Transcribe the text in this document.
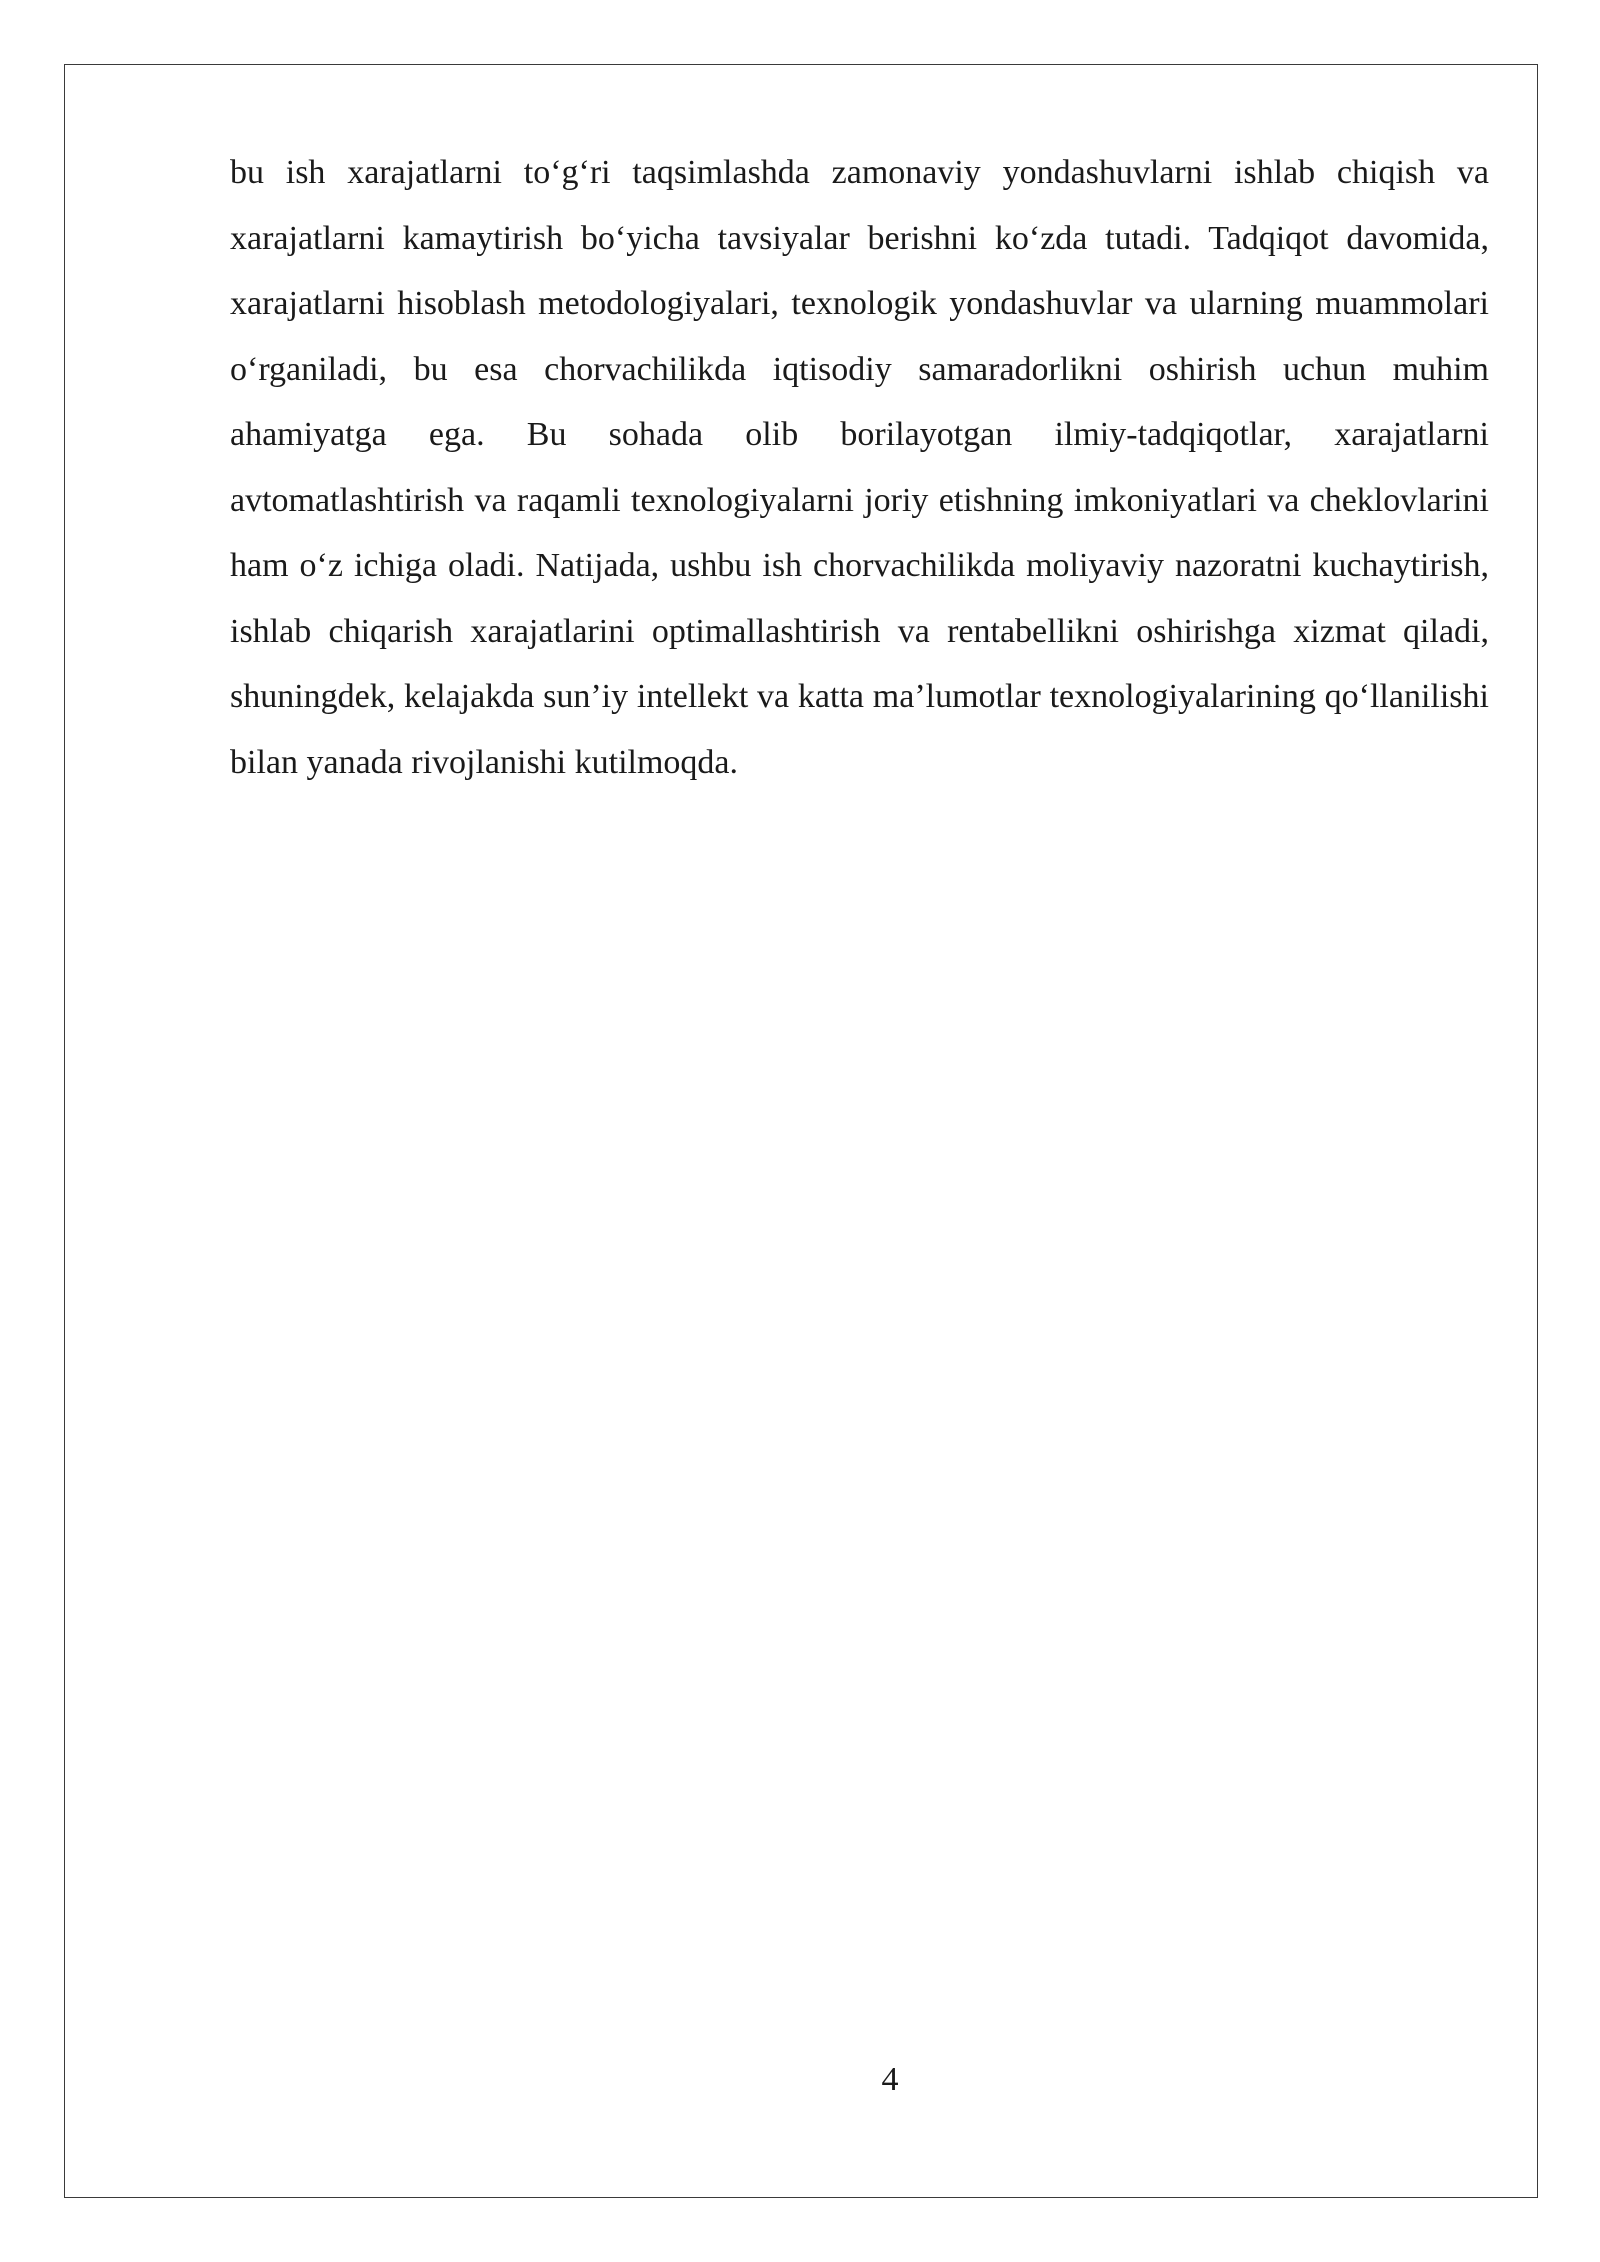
bu ish xarajatlarni to‘g‘ri taqsimlashda zamonaviy yondashuvlarni ishlab chiqish va xarajatlarni kamaytirish bo‘yicha tavsiyalar berishni ko‘zda tutadi. Tadqiqot davomida, xarajatlarni hisoblash metodologiyalari, texnologik yondashuvlar va ularning muammolari o‘rganiladi, bu esa chorvachilikda iqtisodiy samaradorlikni oshirish uchun muhim ahamiyatga ega. Bu sohada olib borilayotgan ilmiy-tadqiqotlar, xarajatlarni avtomatlashtirish va raqamli texnologiyalarni joriy etishning imkoniyatlari va cheklovlarini ham o‘z ichiga oladi. Natijada, ushbu ish chorvachilikda moliyaviy nazoratni kuchaytirish, ishlab chiqarish xarajatlarini optimallashtirish va rentabellikni oshirishga xizmat qiladi, shuningdek, kelajakda sun’iy intellekt va katta ma’lumotlar texnologiyalarining qo‘llanilishi bilan yanada rivojlanishi kutilmoqda.

4
